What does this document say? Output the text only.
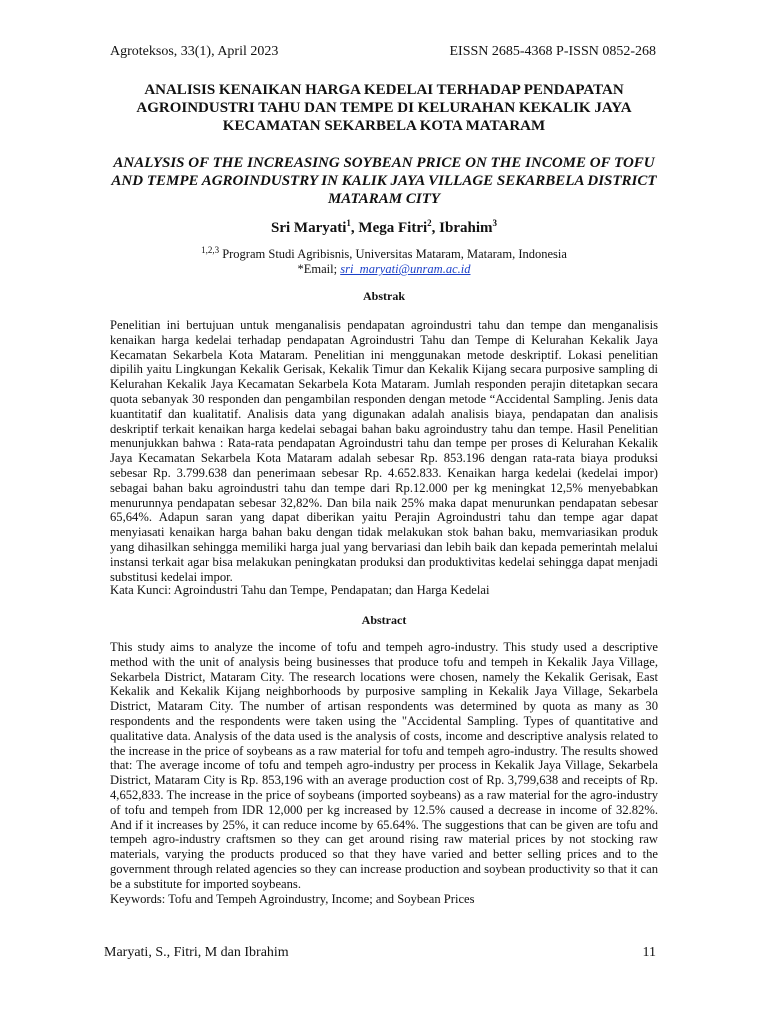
Agroteksos, 33(1), April 2023	EISSN 2685-4368 P-ISSN 0852-268
ANALISIS KENAIKAN HARGA KEDELAI TERHADAP PENDAPATAN AGROINDUSTRI TAHU DAN TEMPE DI KELURAHAN KEKALIK JAYA KECAMATAN SEKARBELA KOTA MATARAM
ANALYSIS OF THE INCREASING SOYBEAN PRICE ON THE INCOME OF TOFU AND TEMPE AGROINDUSTRY IN KALIK JAYA VILLAGE SEKARBELA DISTRICT MATARAM CITY
Sri Maryati$^1$, Mega Fitri$^2$, Ibrahim$^3$
$^{1,2,3}$ Program Studi Agribisnis, Universitas Mataram, Mataram, Indonesia
*Email; sri_maryati@unram.ac.id
Abstrak
Penelitian ini bertujuan untuk menganalisis pendapatan agroindustri tahu dan tempe dan menganalisis kenaikan harga kedelai terhadap pendapatan Agroindustri Tahu dan Tempe di Kelurahan Kekalik Jaya Kecamatan Sekarbela Kota Mataram. Penelitian ini menggunakan metode deskriptif. Lokasi penelitian dipilih yaitu Lingkungan Kekalik Gerisak, Kekalik Timur dan Kekalik Kijang secara purposive sampling di Kelurahan Kekalik Jaya Kecamatan Sekarbela Kota Mataram. Jumlah responden perajin ditetapkan secara quota sebanyak 30 responden dan pengambilan responden dengan metode “Accidental Sampling. Jenis data kuantitatif dan kualitatif. Analisis data yang digunakan adalah analisis biaya, pendapatan dan analisis deskriptif terkait kenaikan harga kedelai sebagai bahan baku agroindustry tahu dan tempe. Hasil Penelitian menunjukkan bahwa : Rata-rata pendapatan Agroindustri tahu dan tempe per proses di Kelurahan Kekalik Jaya Kecamatan Sekarbela Kota Mataram adalah sebesar Rp. 853.196 dengan rata-rata biaya produksi sebesar Rp. 3.799.638 dan penerimaan sebesar Rp. 4.652.833. Kenaikan harga kedelai (kedelai impor) sebagai bahan baku agroindustri tahu dan tempe dari Rp.12.000 per kg meningkat 12,5% menyebabkan menurunnya pendapatan sebesar 32,82%. Dan bila naik 25% maka dapat menurunkan pendapatan sebesar 65,64%. Adapun saran yang dapat diberikan yaitu Perajin Agroindustri tahu dan tempe agar dapat menyiasati kenaikan harga bahan baku dengan tidak melakukan stok bahan baku, memvariasikan produk yang dihasilkan sehingga memiliki harga jual yang bervariasi dan lebih baik dan kepada pemerintah melalui instansi terkait agar bisa melakukan peningkatan produksi dan produktivitas kedelai sehingga dapat menjadi substitusi kedelai impor.
Kata Kunci: Agroindustri Tahu dan Tempe, Pendapatan; dan Harga Kedelai
Abstract
This study aims to analyze the income of tofu and tempeh agro-industry. This study used a descriptive method with the unit of analysis being businesses that produce tofu and tempeh in Kekalik Jaya Village, Sekarbela District, Mataram City. The research locations were chosen, namely the Kekalik Gerisak, East Kekalik and Kekalik Kijang neighborhoods by purposive sampling in Kekalik Jaya Village, Sekarbela District, Mataram City. The number of artisan respondents was determined by quota as many as 30 respondents and the respondents were taken using the "Accidental Sampling. Types of quantitative and qualitative data. Analysis of the data used is the analysis of costs, income and descriptive analysis related to the increase in the price of soybeans as a raw material for tofu and tempeh agro-industry. The results showed that: The average income of tofu and tempeh agro-industry per process in Kekalik Jaya Village, Sekarbela District, Mataram City is Rp. 853,196 with an average production cost of Rp. 3,799,638 and receipts of Rp. 4,652,833. The increase in the price of soybeans (imported soybeans) as a raw material for the agro-industry of tofu and tempeh from IDR 12,000 per kg increased by 12.5% caused a decrease in income of 32.82%. And if it increases by 25%, it can reduce income by 65.64%. The suggestions that can be given are tofu and tempeh agro-industry craftsmen so they can get around rising raw material prices by not stocking raw materials, varying the products produced so that they have varied and better selling prices and to the government through related agencies so they can increase production and soybean productivity so that it can be a substitute for imported soybeans.
Keywords: Tofu and Tempeh Agroindustry, Income; and Soybean Prices
Maryati, S., Fitri, M dan Ibrahim	11
